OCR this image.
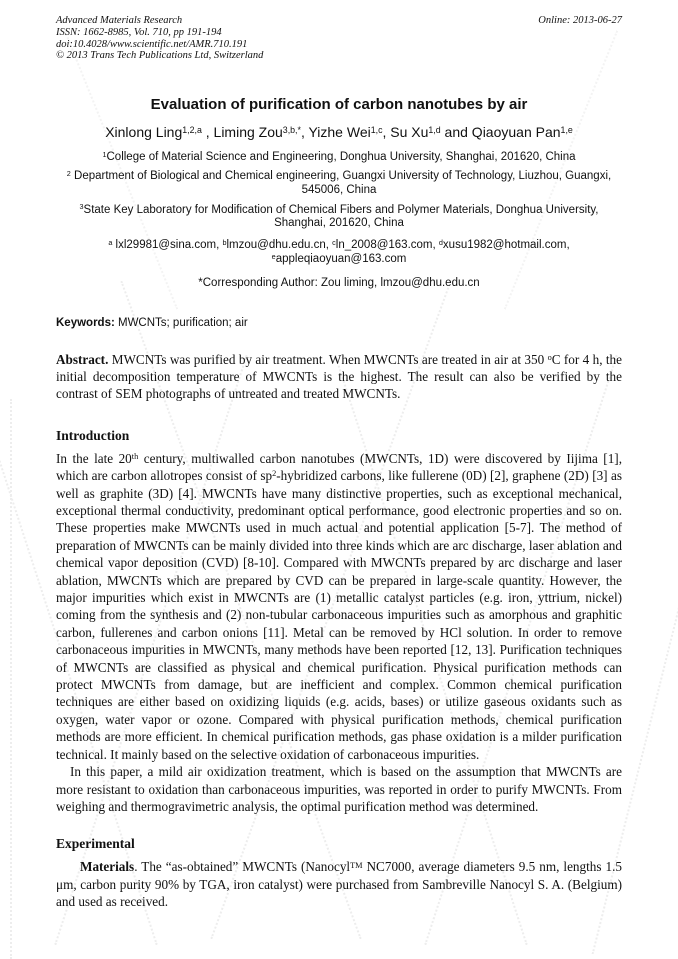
Advanced Materials Research

ISSN: 1662-8985, Vol. 710, pp 191-194

doi:10.4028/www.scientific.net/AMR.710.191

© 2013 Trans Tech Publications Ltd, Switzerland

Online: 2013-06-27
Evaluation of purification of carbon nanotubes by air

Xinlong Ling$^{1,2,a}$ , Liming Zou$^{3,b,*}$, Yizhe Wei$^{1,c}$, Su Xu$^{1,d}$ and Qiaoyuan Pan$^{1,e}$

$^1$College of Material Science and Engineering, Donghua University, Shanghai, 201620, China

$^2$ Department of Biological and Chemical engineering, Guangxi University of Technology, Liuzhou, Guangxi, 545006, China

$^3$State Key Laboratory for Modification of Chemical Fibers and Polymer Materials, Donghua University, Shanghai, 201620, China

$^a$ lxl29981@sina.com, $^b$lmzou@dhu.edu.cn, $^c$ln_2008@163.com, $^d$xusu1982@hotmail.com, $^e$appleqiaoyuan@163.com

*Corresponding Author: Zou liming, lmzou@dhu.edu.cn

Keywords: MWCNTs; purification; air

Abstract. MWCNTs was purified by air treatment. When MWCNTs are treated in air at 350 $^o$C for 4 h, the initial decomposition temperature of MWCNTs is the highest. The result can also be verified by the contrast of SEM photographs of untreated and treated MWCNTs.

Introduction

In the late 20th century, multiwalled carbon nanotubes (MWCNTs, 1D) were discovered by Iijima [1], which are carbon allotropes consist of $sp^2$-hybridized carbons, like fullerene (0D) [2], graphene (2D) [3] as well as graphite (3D) [4]. MWCNTs have many distinctive properties, such as exceptional mechanical, exceptional thermal conductivity, predominant optical performance, good electronic properties and so on. These properties make MWCNTs used in much actual and potential application [5-7]. The method of preparation of MWCNTs can be mainly divided into three kinds which are arc discharge, laser ablation and chemical vapor deposition (CVD) [8-10]. Compared with MWCNTs prepared by arc discharge and laser ablation, MWCNTs which are prepared by CVD can be prepared in large-scale quantity. However, the major impurities which exist in MWCNTs are (1) metallic catalyst particles (e.g. iron, yttrium, nickel) coming from the synthesis and (2) non-tubular carbonaceous impurities such as amorphous and graphitic carbon, fullerenes and carbon onions [11]. Metal can be removed by HCl solution. In order to remove carbonaceous impurities in MWCNTs, many methods have been reported [12, 13]. Purification techniques of MWCNTs are classified as physical and chemical purification. Physical purification methods can protect MWCNTs from damage, but are inefficient and complex. Common chemical purification techniques are either based on oxidizing liquids (e.g. acids, bases) or utilize gaseous oxidants such as oxygen, water vapor or ozone. Compared with physical purification methods, chemical purification methods are more efficient. In chemical purification methods, gas phase oxidation is a milder purification technical. It mainly based on the selective oxidation of carbonaceous impurities.

In this paper, a mild air oxidization treatment, which is based on the assumption that MWCNTs are more resistant to oxidation than carbonaceous impurities, was reported in order to purify MWCNTs. From weighing and thermogravimetric analysis, the optimal purification method was determined.

Experimental

Materials. The “as-obtained” MWCNTs (Nanocyl™ NC7000, average diameters 9.5 nm, lengths 1.5 μm, carbon purity 90% by TGA, iron catalyst) were purchased from Sambreville Nanocyl S. A. (Belgium) and used as received.
